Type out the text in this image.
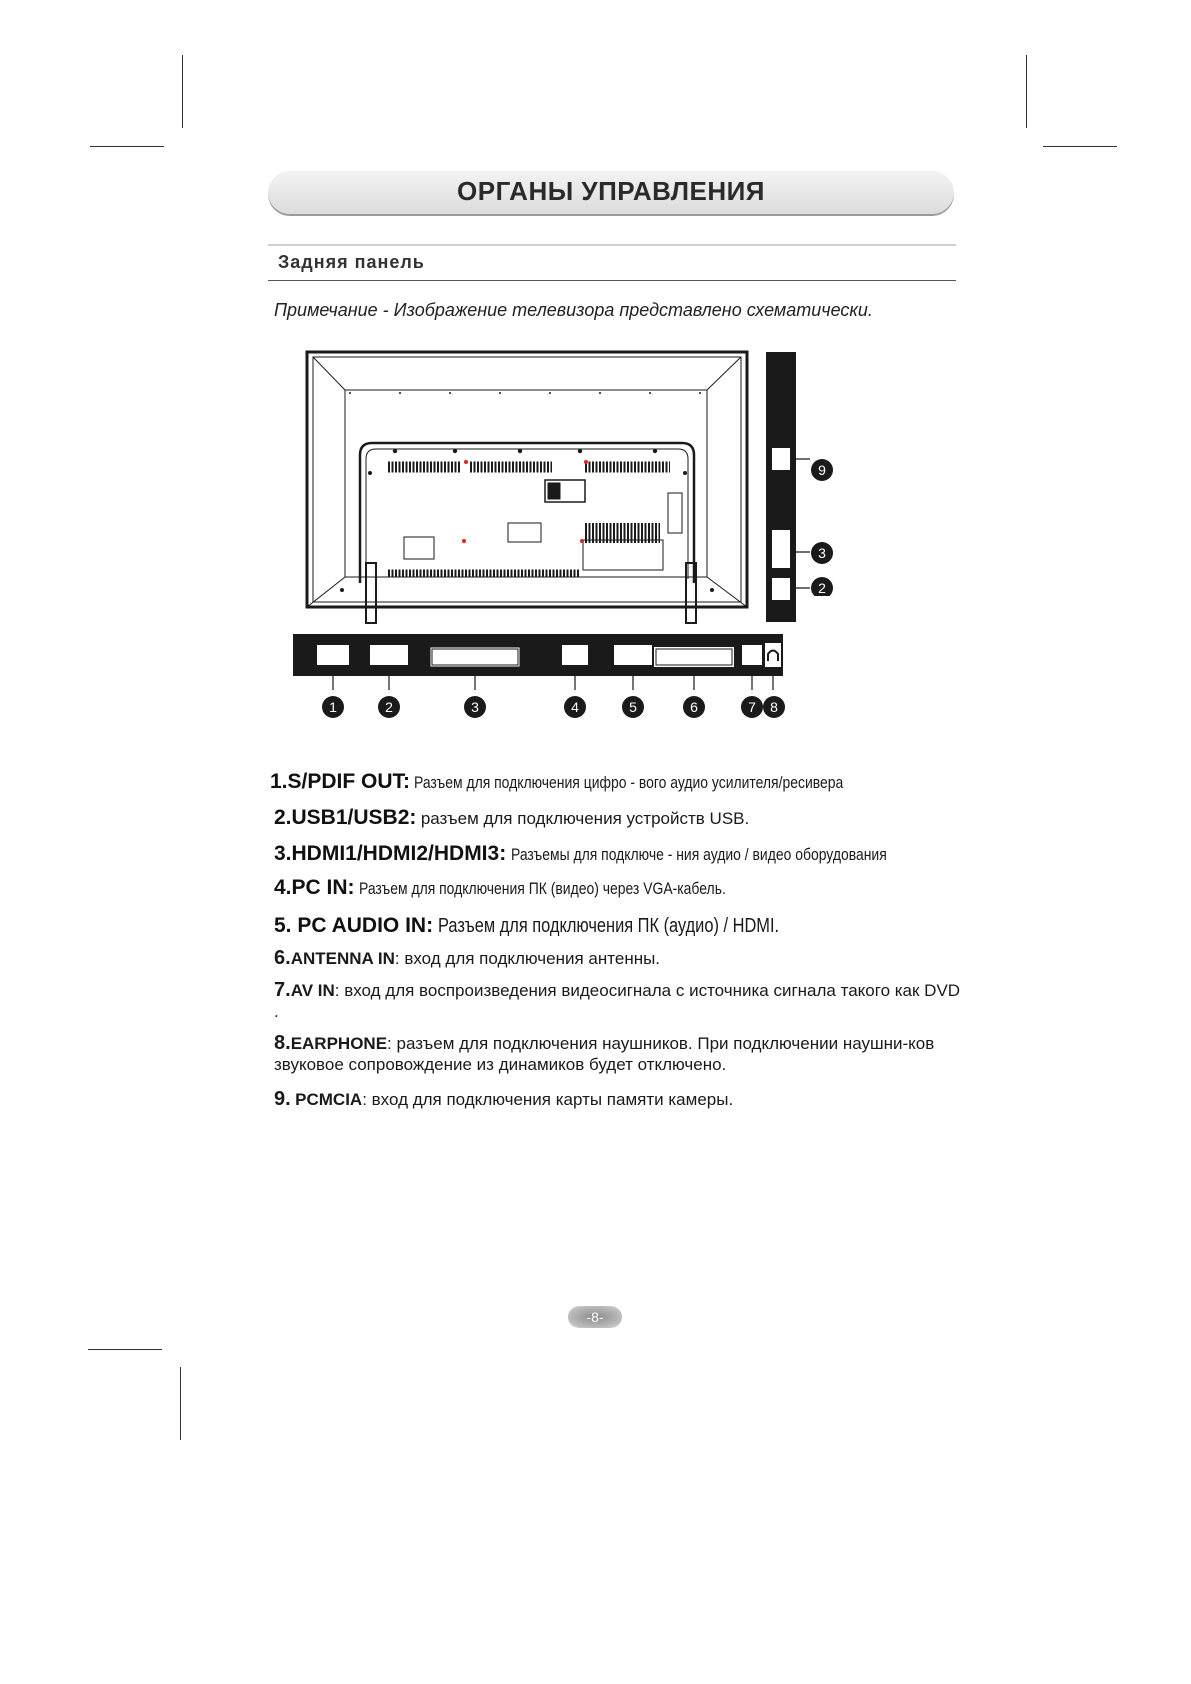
ОРГАНЫ УПРАВЛЕНИЯ
Задняя панель
Примечание - Изображение телевизора представлено схематически.
1	2	3	4	5	6	7 8
9
3
2
1.S/PDIF OUT: Разъем для подключения цифро - вого аудио усилителя/ресивера
2.USB1/USB2: разъем для подключения устройств USB.
3.HDMI1/HDMI2/HDMI3: Разъемы для подключе - ния аудио / видео оборудования
4.PC IN: Разъем для подключения ПК (видео) через VGA-кабель.
5. PC AUDIO IN: Разъем для подключения ПК (аудио) / HDMI.
6.ANTENNA IN: вход для подключения антенны.
7.AV IN: вход для воспроизведения видеосигнала с источника сигнала такого как DVD .
8.EARPHONE: разъем для подключения наушников. При подключении наушни-ков звуковое сопровождение из динамиков будет отключено.
9. PCMCIA: вход для подключения карты памяти камеры.
-8-
